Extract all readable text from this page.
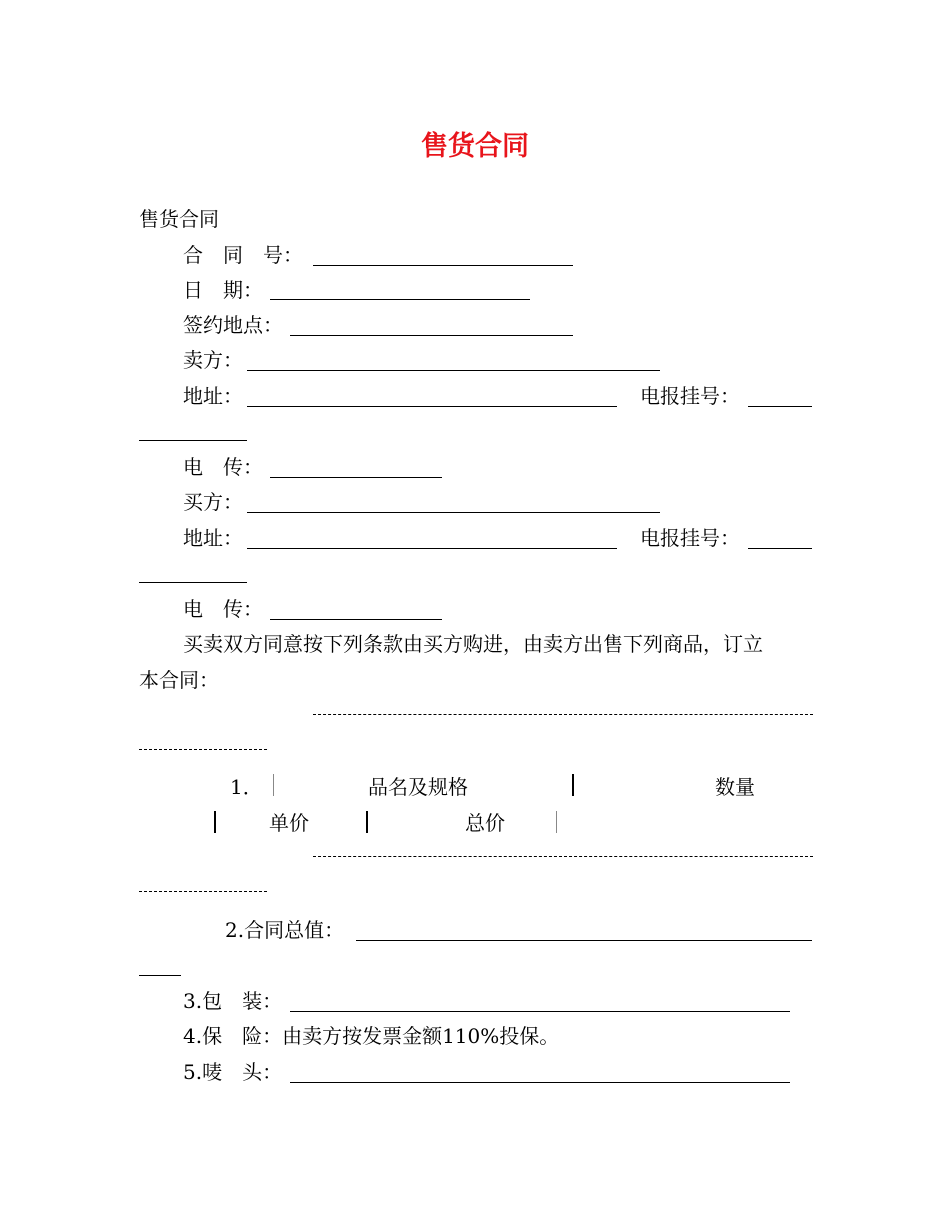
售货合同
售货合同
合　同　号：
日　期：
签约地点：
卖方：
地址：	电报挂号：
电　传：
买方：
地址：	电报挂号：
电　传：
买卖双方同意按下列条款由买方购进，由卖方出售下列商品，订立
本合同：
1．	品名及规格	数量
单价	总价
2.合同总值：
3.包　装：
4.保　险：由卖方按发票金额110%投保。
5.唛　头：
